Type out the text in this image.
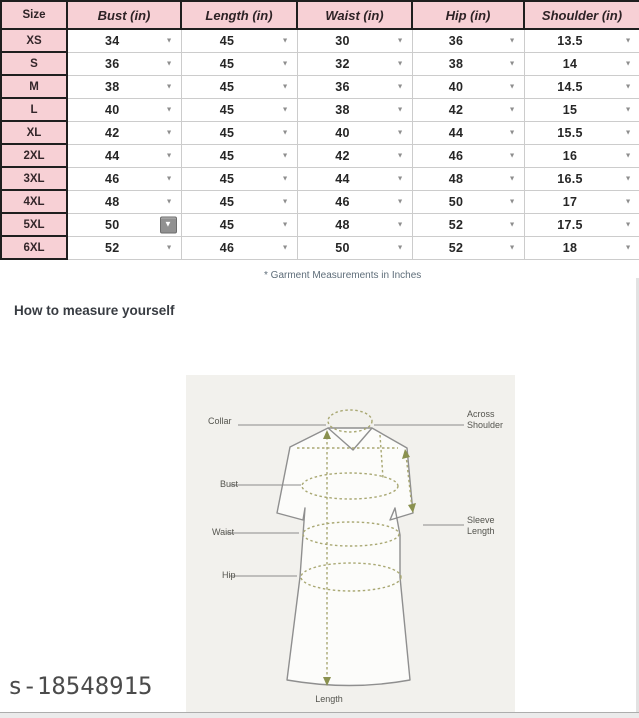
Size	Bust (in)	Length (in)	Waist (in)	Hip (in)	Shoulder (in)
XS	34 ▼	45 ▼	30 ▼	36 ▼	13.5 ▼

S	36 ▼	45 ▼	32 ▼	38 ▼	14 ▼

M	38 ▼	45 ▼	36 ▼	40 ▼	14.5 ▼

L	40 ▼	45 ▼	38 ▼	42 ▼	15 ▼

XL	42 ▼	45 ▼	40 ▼	44 ▼	15.5 ▼

2XL	44 ▼	45 ▼	42 ▼	46 ▼	16 ▼

3XL	46 ▼	45 ▼	44 ▼	48 ▼	16.5 ▼

4XL	48 ▼	45 ▼	46 ▼	50 ▼	17 ▼

5XL	50 ▼	45 ▼	48 ▼	52 ▼	17.5 ▼

6XL	52 ▼	46 ▼	50 ▼	52 ▼	18 ▼
* Garment Measurements in Inches
How to measure yourself
Collar
Bust
Waist
Hip
Across Shoulder
Sleeve Length
Length
s-18548915
